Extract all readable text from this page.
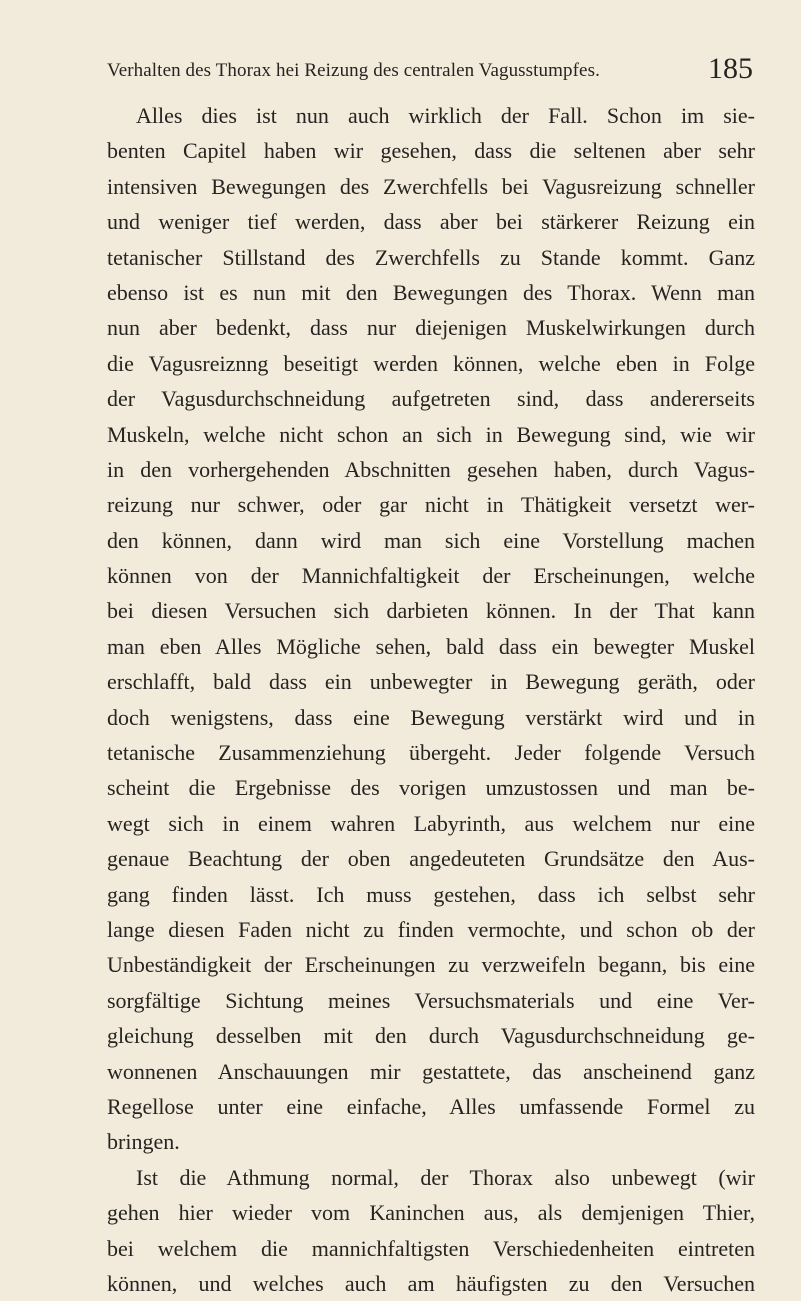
Verhalten des Thorax hei Reizung des centralen Vagusstumpfes.	185
Alles dies ist nun auch wirklich der Fall. Schon im sie-
benten Capitel haben wir gesehen, dass die seltenen aber sehr
intensiven Bewegungen des Zwerchfells bei Vagusreizung schneller
und weniger tief werden, dass aber bei stärkerer Reizung ein
tetanischer Stillstand des Zwerchfells zu Stande kommt. Ganz
ebenso ist es nun mit den Bewegungen des Thorax. Wenn man
nun aber bedenkt, dass nur diejenigen Muskelwirkungen durch
die Vagusreiznng beseitigt werden können, welche eben in Folge
der Vagusdurchschneidung aufgetreten sind, dass andererseits
Muskeln, welche nicht schon an sich in Bewegung sind, wie wir
in den vorhergehenden Abschnitten gesehen haben, durch Vagus-
reizung nur schwer, oder gar nicht in Thätigkeit versetzt wer-
den können, dann wird man sich eine Vorstellung machen
können von der Mannichfaltigkeit der Erscheinungen, welche
bei diesen Versuchen sich darbieten können. In der That kann
man eben Alles Mögliche sehen, bald dass ein bewegter Muskel
erschlafft, bald dass ein unbewegter in Bewegung geräth, oder
doch wenigstens, dass eine Bewegung verstärkt wird und in
tetanische Zusammenziehung übergeht. Jeder folgende Versuch
scheint die Ergebnisse des vorigen umzustossen und man be-
wegt sich in einem wahren Labyrinth, aus welchem nur eine
genaue Beachtung der oben angedeuteten Grundsätze den Aus-
gang finden lässt. Ich muss gestehen, dass ich selbst sehr
lange diesen Faden nicht zu finden vermochte, und schon ob der
Unbeständigkeit der Erscheinungen zu verzweifeln begann, bis eine
sorgfältige Sichtung meines Versuchsmaterials und eine Ver-
gleichung desselben mit den durch Vagusdurchschneidung ge-
wonnenen Anschauungen mir gestattete, das anscheinend ganz
Regellose unter eine einfache, Alles umfassende Formel zu
bringen.
Ist die Athmung normal, der Thorax also unbewegt (wir
gehen hier wieder vom Kaninchen aus, als demjenigen Thier,
bei welchem die mannichfaltigsten Verschiedenheiten eintreten
können, und welches auch am häufigsten zu den Versuchen
